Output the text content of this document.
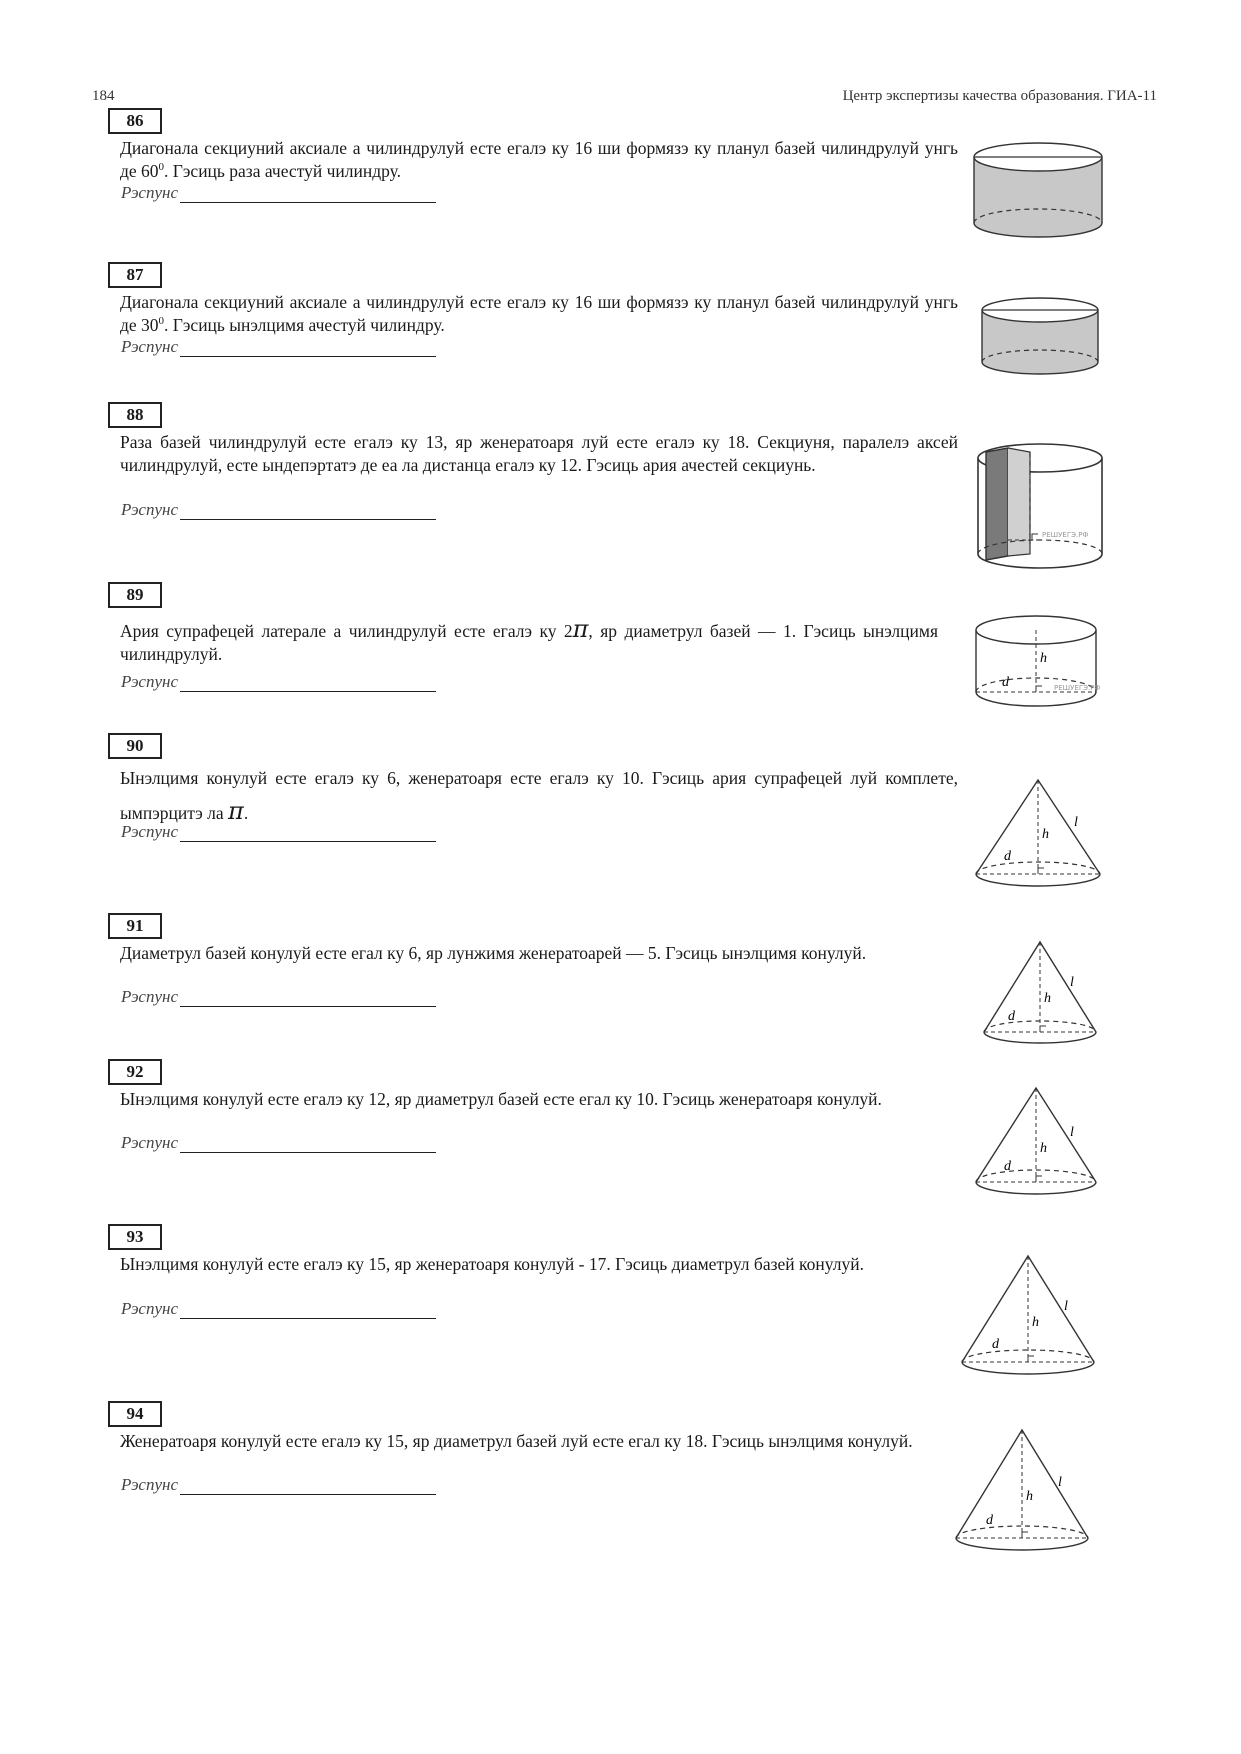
184	Центр экспертизы качества образования. ГИА-11
86
Диагонала секциуний аксиале а чилиндрулуй есте егалэ ку 16 ши формязэ ку планул базей чилиндрулуй унгь де $60^0$. Гэсиць раза ачестуй чилиндру.
Рэспунс
87
Диагонала секциуний аксиале а чилиндрулуй есте егалэ ку 16 ши формязэ ку планул базей чилиндрулуй унгь де $30^0$. Гэсиць ынэлцимя ачестуй чилиндру.
Рэспунс
88
Раза базей чилиндрулуй есте егалэ ку 13, яр женератоаря луй есте егалэ ку 18. Секциуня, паралелэ аксей чилиндрулуй, есте ындепэртатэ де еа ла дистанца егалэ ку 12. Гэсиць ария ачестей секциунь.
Рэспунс
РЕШУЕГЭ.РФ
89
Ария супрафецей латерале а чилиндрулуй есте егалэ ку 2π, яр диаметрул базей — 1. Гэсиць ынэлцимя чилиндрулуй.
Рэспунс
h
d	РЕШУЕГЭ.РФ
90
Ынэлцимя конулуй есте егалэ ку 6, женератоаря есте егалэ ку 10. Гэсиць ария супрафецей луй комплете, ымпэрцитэ ла π.
Рэспунс	h
d
l
91
Диаметрул базей конулуй есте егал ку 6, яр лунжимя женератоарей — 5. Гэсиць ынэлцимя конулуй.
Рэспунс	h
d
l
92
Ынэлцимя конулуй есте егалэ ку 12, яр диаметрул базей есте егал ку 10. Гэсиць женератоаря конулуй.
Рэспунс	h
d
l
93
Ынэлцимя конулуй есте егалэ ку 15, яр женератоаря конулуй - 17. Гэсиць диаметрул базей конулуй.
Рэспунс
h
d
l
94
Женератоаря конулуй есте егалэ ку 15, яр диаметрул базей луй есте егал ку 18. Гэсиць ынэлцимя конулуй.
Рэспунс
h
d
l
